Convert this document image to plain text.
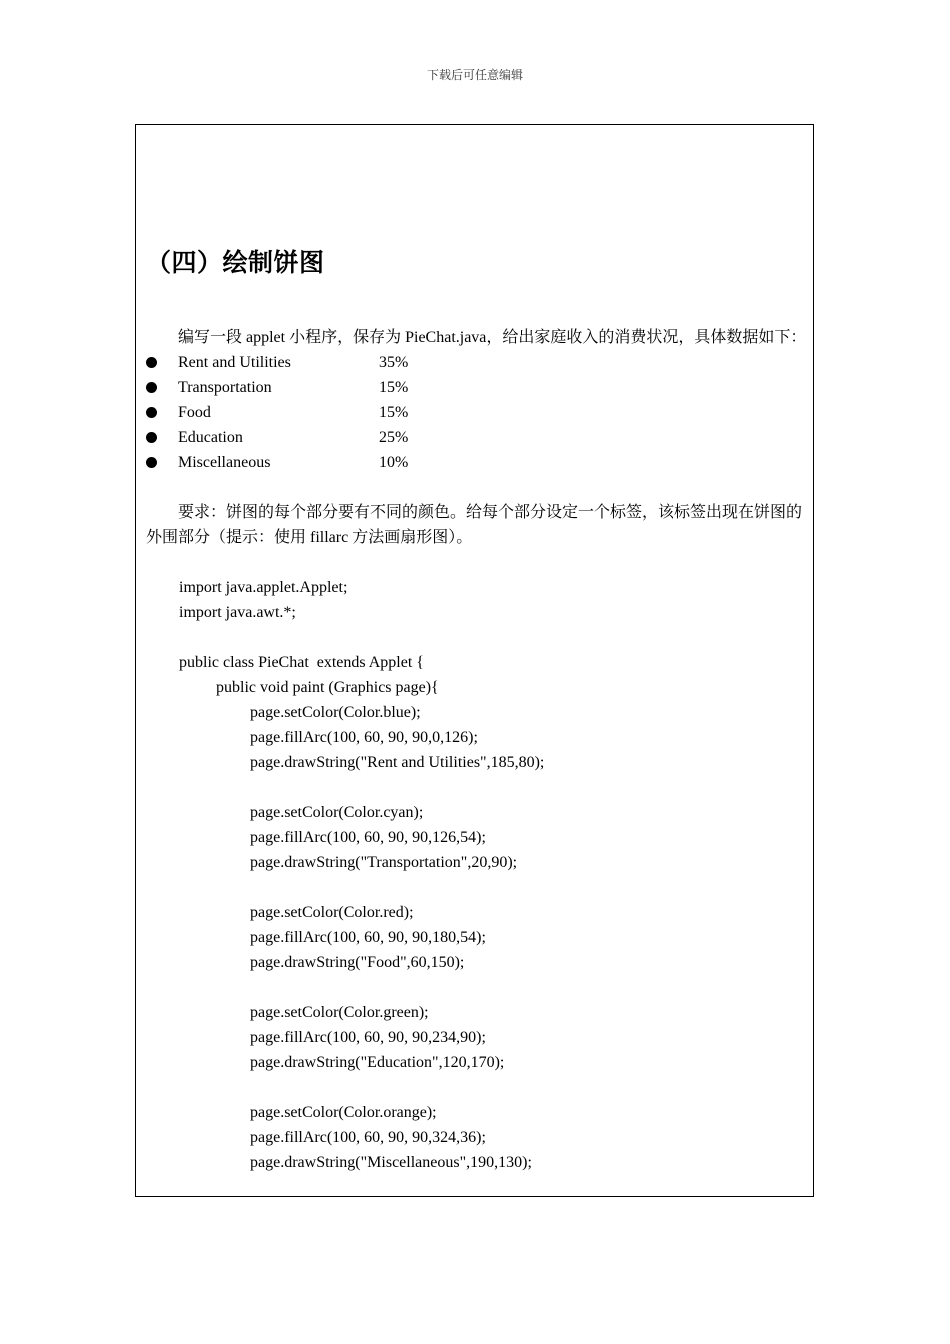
下载后可任意编辑
（四）绘制饼图

编写一段 applet 小程序，保存为 PieChat.java，给出家庭收入的消费状况，具体数据如下：

Rent and Utilities	35%
Transportation	15%
Food	15%
Education	25%
Miscellaneous	10%

要求：饼图的每个部分要有不同的颜色。给每个部分设定一个标签，该标签出现在饼图的外围部分（提示：使用 fillarc 方法画扇形图）。

import java.applet.Applet;
import java.awt.*;
public class PieChat  extends Applet {
public void paint (Graphics page){
page.setColor(Color.blue);
page.fillArc(100, 60, 90, 90,0,126);
page.drawString("Rent and Utilities",185,80);
page.setColor(Color.cyan);
page.fillArc(100, 60, 90, 90,126,54);
page.drawString("Transportation",20,90);
page.setColor(Color.red);
page.fillArc(100, 60, 90, 90,180,54);
page.drawString("Food",60,150);
page.setColor(Color.green);
page.fillArc(100, 60, 90, 90,234,90);
page.drawString("Education",120,170);
page.setColor(Color.orange);
page.fillArc(100, 60, 90, 90,324,36);
page.drawString("Miscellaneous",190,130);
